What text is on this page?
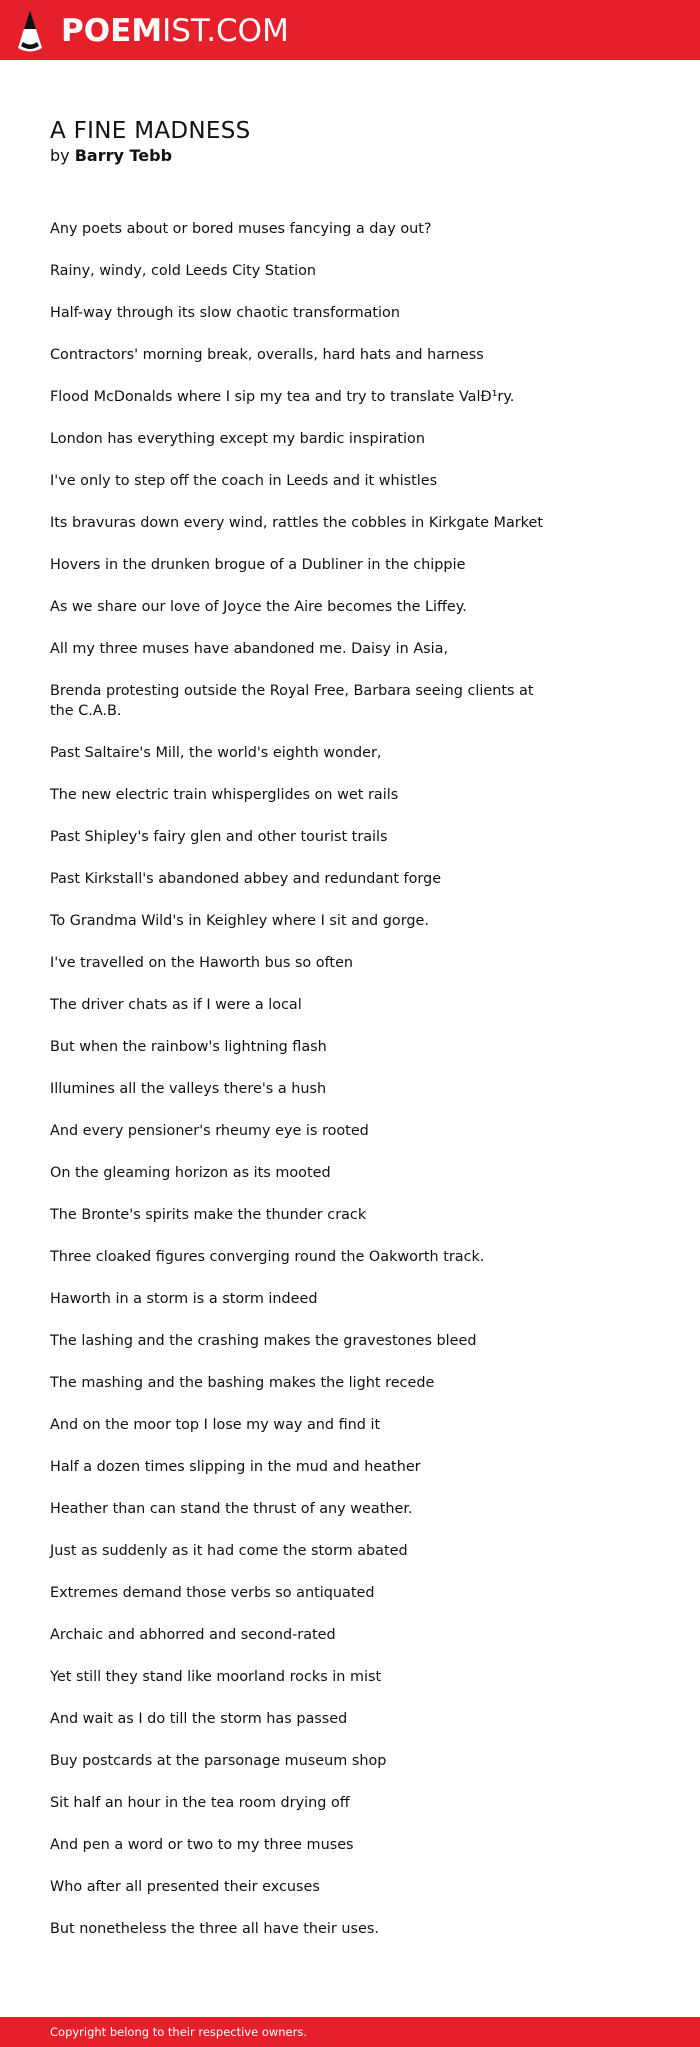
POEMIST.COM
A FINE MADNESS
by Barry Tebb

Any poets about or bored muses fancying a day out?

Rainy, windy, cold Leeds City Station

Half-way through its slow chaotic transformation

Contractors' morning break, overalls, hard hats and harness

Flood McDonalds where I sip my tea and try to translate ValÐ¹ry.

London has everything except my bardic inspiration

I've only to step off the coach in Leeds and it whistles

Its bravuras down every wind, rattles the cobbles in Kirkgate Market

Hovers in the drunken brogue of a Dubliner in the chippie

As we share our love of Joyce the Aire becomes the Liffey.

All my three muses have abandoned me. Daisy in Asia,

Brenda protesting outside the Royal Free, Barbara seeing clients at the C.A.B.

Past Saltaire's Mill, the world's eighth wonder,

The new electric train whisperglides on wet rails

Past Shipley's fairy glen and other tourist trails

Past Kirkstall's abandoned abbey and redundant forge

To Grandma Wild's in Keighley where I sit and gorge.

I've travelled on the Haworth bus so often

The driver chats as if I were a local

But when the rainbow's lightning flash

Illumines all the valleys there's a hush

And every pensioner's rheumy eye is rooted

On the gleaming horizon as its mooted

The Bronte's spirits make the thunder crack

Three cloaked figures converging round the Oakworth track.

Haworth in a storm is a storm indeed

The lashing and the crashing makes the gravestones bleed

The mashing and the bashing makes the light recede

And on the moor top I lose my way and find it

Half a dozen times slipping in the mud and heather

Heather than can stand the thrust of any weather.

Just as suddenly as it had come the storm abated

Extremes demand those verbs so antiquated

Archaic and abhorred and second-rated

Yet still they stand like moorland rocks in mist

And wait as I do till the storm has passed

Buy postcards at the parsonage museum shop

Sit half an hour in the tea room drying off

And pen a word or two to my three muses

Who after all presented their excuses

But nonetheless the three all have their uses.

Copyright belong to their respective owners.
